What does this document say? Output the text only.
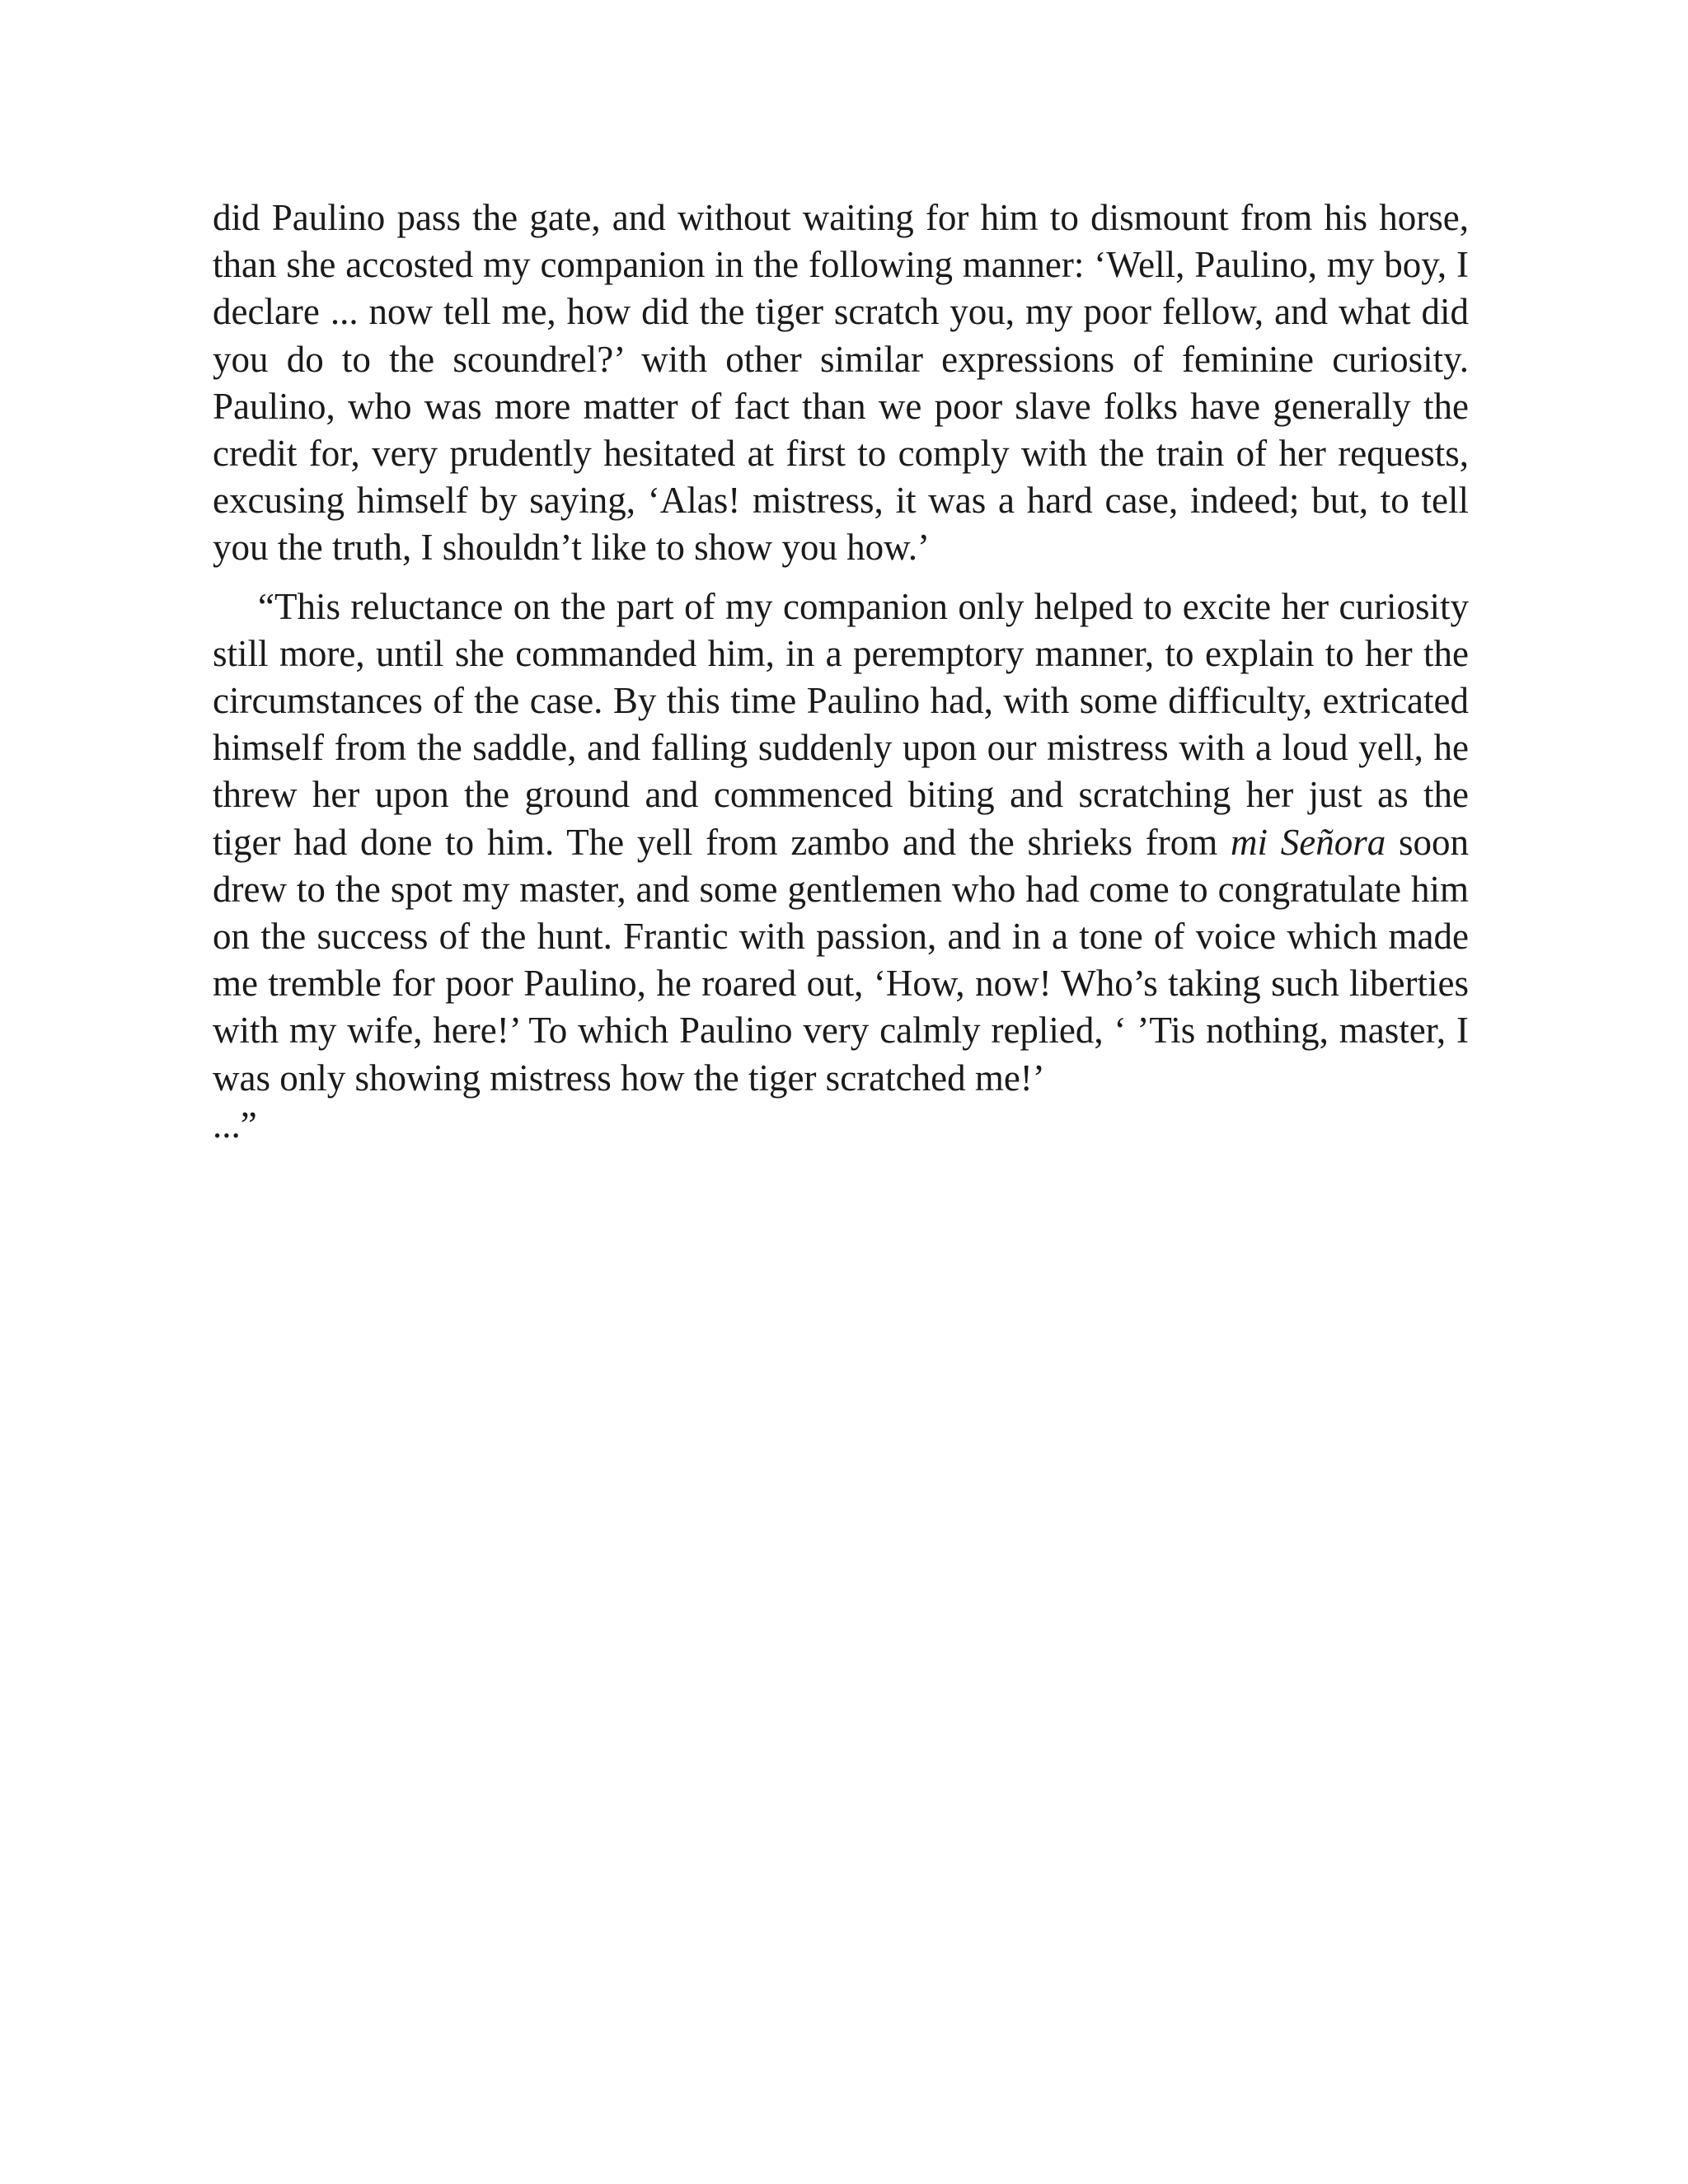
did Paulino pass the gate, and without waiting for him to dismount from his horse, than she accosted my companion in the following manner: ‘Well, Paulino, my boy, I declare ... now tell me, how did the tiger scratch you, my poor fellow, and what did you do to the scoundrel?’ with other similar expressions of feminine curiosity. Paulino, who was more matter of fact than we poor slave folks have generally the credit for, very prudently hesitated at first to comply with the train of her requests, excusing himself by saying, ‘Alas! mistress, it was a hard case, indeed; but, to tell you the truth, I shouldn’t like to show you how.’

“This reluctance on the part of my companion only helped to excite her curiosity still more, until she commanded him, in a peremptory manner, to explain to her the circumstances of the case. By this time Paulino had, with some difficulty, extricated himself from the saddle, and falling suddenly upon our mistress with a loud yell, he threw her upon the ground and commenced biting and scratching her just as the tiger had done to him. The yell from zambo and the shrieks from mi Señora soon drew to the spot my master, and some gentlemen who had come to congratulate him on the success of the hunt. Frantic with passion, and in a tone of voice which made me tremble for poor Paulino, he roared out, ‘How, now! Who’s taking such liberties with my wife, here!’ To which Paulino very calmly replied, ‘ ’Tis nothing, master, I was only showing mistress how the tiger scratched me!’
...”
